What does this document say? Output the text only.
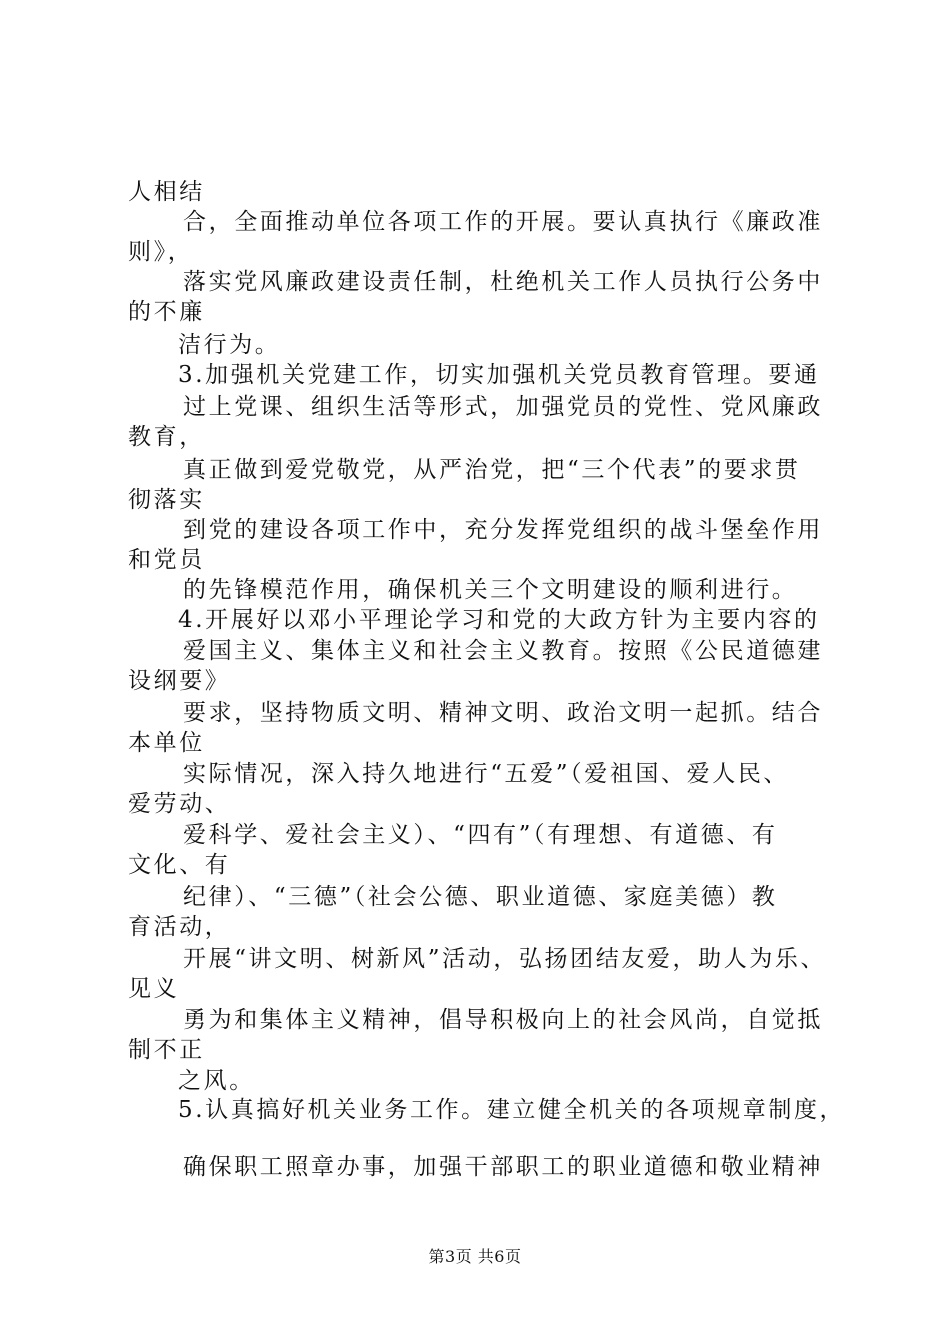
人相结
合，全面推动单位各项工作的开展。要认真执行《廉政准
则》，
落实党风廉政建设责任制，杜绝机关工作人员执行公务中
的不廉
洁行为。
3.加强机关党建工作，切实加强机关党员教育管理。要通
过上党课、组织生活等形式，加强党员的党性、党风廉政
教育，
真正做到爱党敬党，从严治党，把“三个代表”的要求贯
彻落实
到党的建设各项工作中，充分发挥党组织的战斗堡垒作用
和党员
的先锋模范作用，确保机关三个文明建设的顺利进行。
4.开展好以邓小平理论学习和党的大政方针为主要内容的
爱国主义、集体主义和社会主义教育。按照《公民道德建
设纲要》
要求，坚持物质文明、精神文明、政治文明一起抓。结合
本单位
实际情况，深入持久地进行“五爱”（爱祖国、爱人民、
爱劳动、
爱科学、爱社会主义）、“四有”（有理想、有道德、有
文化、有
纪律）、“三德”（社会公德、职业道德、家庭美德）教
育活动，
开展“讲文明、树新风”活动，弘扬团结友爱，助人为乐、
见义
勇为和集体主义精神，倡导积极向上的社会风尚，自觉抵
制不正
之风。
5.认真搞好机关业务工作。建立健全机关的各项规章制度，
确保职工照章办事，加强干部职工的职业道德和敬业精神
第3页 共6页
